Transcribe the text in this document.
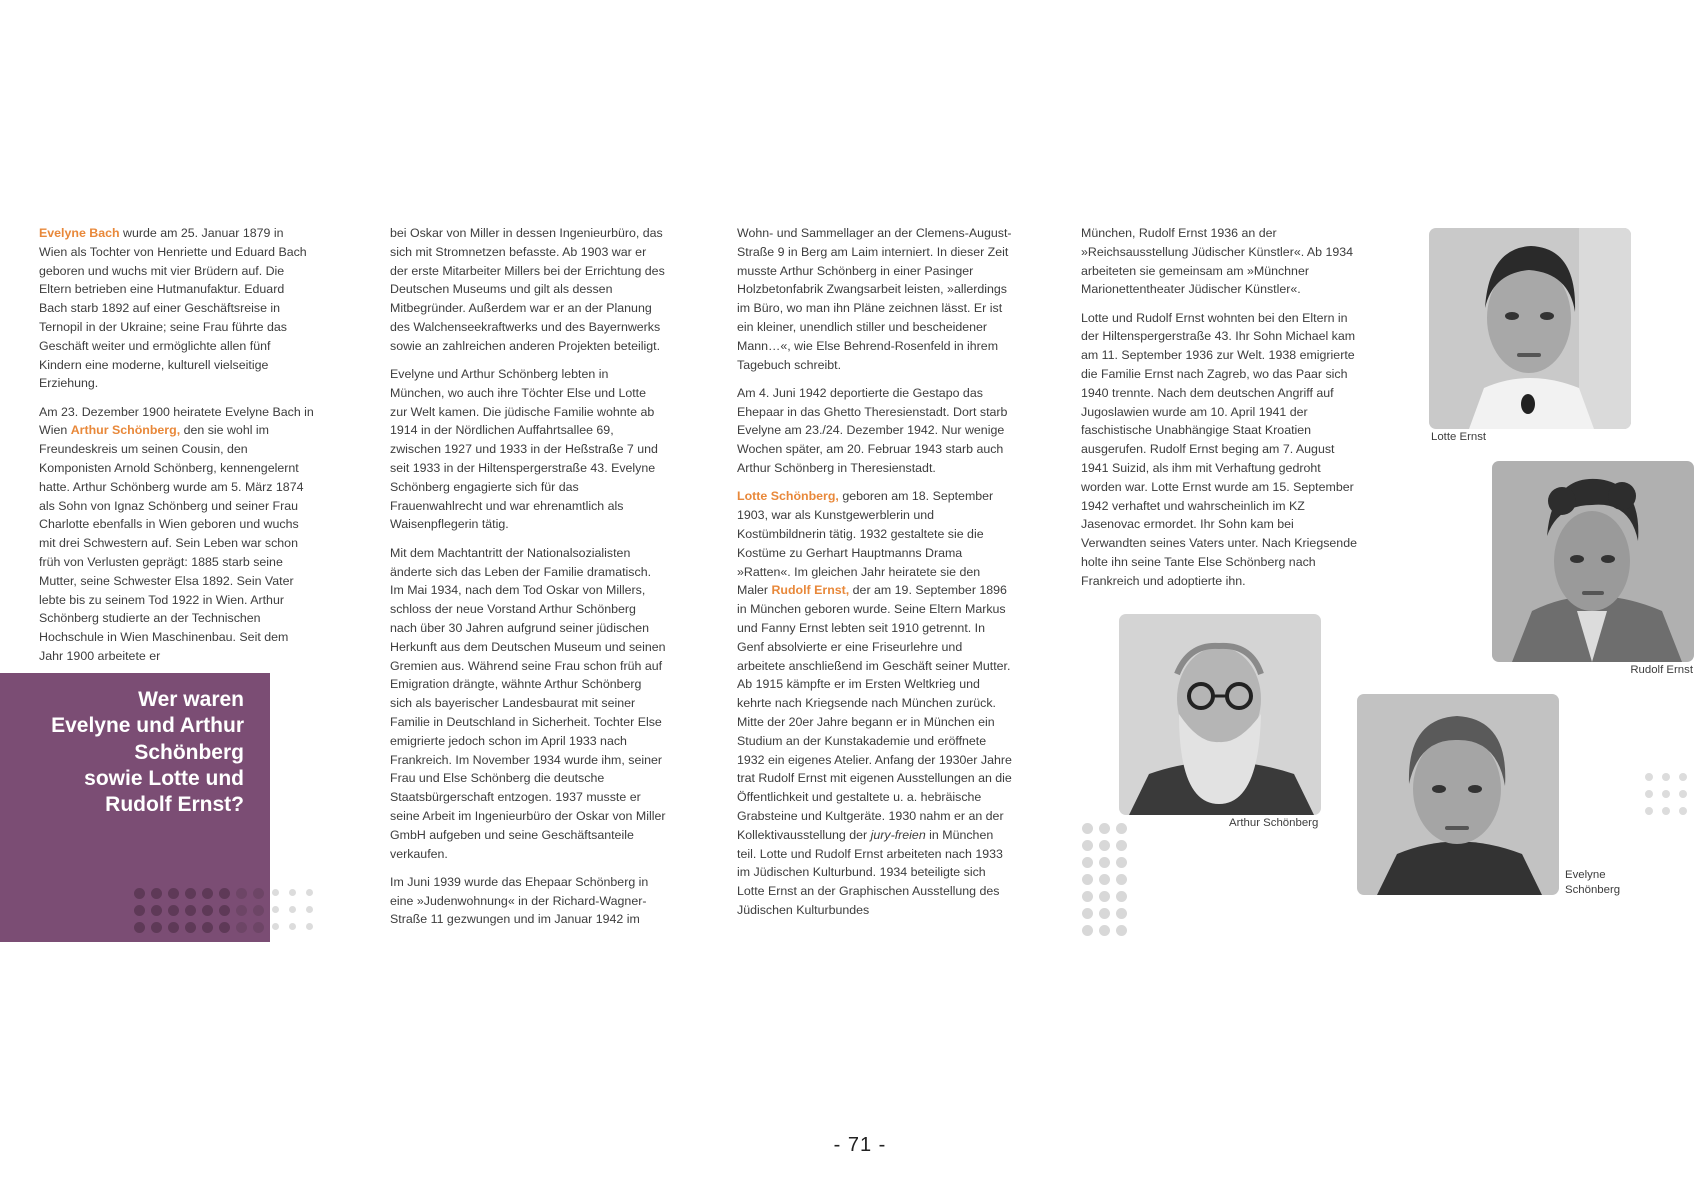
Evelyne Bach wurde am 25. Januar 1879 in Wien als Tochter von Henriette und Eduard Bach geboren und wuchs mit vier Brüdern auf. Die Eltern betrieben eine Hutmanufaktur. Eduard Bach starb 1892 auf einer Geschäftsreise in Ternopil in der Ukraine; seine Frau führte das Geschäft weiter und ermöglichte allen fünf Kindern eine moderne, kulturell vielseitige Erziehung.

Am 23. Dezember 1900 heiratete Evelyne Bach in Wien Arthur Schönberg, den sie wohl im Freundeskreis um seinen Cousin, den Komponisten Arnold Schönberg, kennengelernt hatte. Arthur Schönberg wurde am 5. März 1874 als Sohn von Ignaz Schönberg und seiner Frau Charlotte ebenfalls in Wien geboren und wuchs mit drei Schwestern auf. Sein Leben war schon früh von Verlusten geprägt: 1885 starb seine Mutter, seine Schwester Elsa 1892. Sein Vater lebte bis zu seinem Tod 1922 in Wien. Arthur Schönberg studierte an der Technischen Hochschule in Wien Maschinenbau. Seit dem Jahr 1900 arbeitete er

bei Oskar von Miller in dessen Ingenieurbüro, das sich mit Stromnetzen befasste. Ab 1903 war er der erste Mitarbeiter Millers bei der Errichtung des Deutschen Museums und gilt als dessen Mitbegründer. Außerdem war er an der Planung des Walchenseekraftwerks und des Bayernwerks sowie an zahlreichen anderen Projekten beteiligt.

Evelyne und Arthur Schönberg lebten in München, wo auch ihre Töchter Else und Lotte zur Welt kamen. Die jüdische Familie wohnte ab 1914 in der Nördlichen Auffahrtsallee 69, zwischen 1927 und 1933 in der Heßstraße 7 und seit 1933 in der Hiltenspergerstraße 43. Evelyne Schönberg engagierte sich für das Frauenwahlrecht und war ehrenamtlich als Waisenpflegerin tätig.

Mit dem Machtantritt der Nationalsozialisten änderte sich das Leben der Familie dramatisch. Im Mai 1934, nach dem Tod Oskar von Millers, schloss der neue Vorstand Arthur Schönberg nach über 30 Jahren aufgrund seiner jüdischen Herkunft aus dem Deutschen Museum und seinen Gremien aus. Während seine Frau schon früh auf Emigration drängte, wähnte Arthur Schönberg sich als bayerischer Landesbaurat mit seiner Familie in Deutschland in Sicherheit. Tochter Else emigrierte jedoch schon im April 1933 nach Frankreich. Im November 1934 wurde ihm, seiner Frau und Else Schönberg die deutsche Staatsbürgerschaft entzogen. 1937 musste er seine Arbeit im Ingenieurbüro der Oskar von Miller GmbH aufgeben und seine Geschäftsanteile verkaufen.

Im Juni 1939 wurde das Ehepaar Schönberg in eine »Judenwohnung« in der Richard-Wagner-Straße 11 gezwungen und im Januar 1942 im

Wohn- und Sammellager an der Clemens-August-Straße 9 in Berg am Laim interniert. In dieser Zeit musste Arthur Schönberg in einer Pasinger Holzbetonfabrik Zwangsarbeit leisten, »allerdings im Büro, wo man ihn Pläne zeichnen lässt. Er ist ein kleiner, unendlich stiller und bescheidener Mann…«, wie Else Behrend-Rosenfeld in ihrem Tagebuch schreibt.

Am 4. Juni 1942 deportierte die Gestapo das Ehepaar in das Ghetto Theresienstadt. Dort starb Evelyne am 23./24. Dezember 1942. Nur wenige Wochen später, am 20. Februar 1943 starb auch Arthur Schönberg in Theresienstadt.

Lotte Schönberg, geboren am 18. September 1903, war als Kunstgewerblerin und Kostümbildnerin tätig. 1932 gestaltete sie die Kostüme zu Gerhart Hauptmanns Drama »Ratten«. Im gleichen Jahr heiratete sie den Maler Rudolf Ernst, der am 19. September 1896 in München geboren wurde. Seine Eltern Markus und Fanny Ernst lebten seit 1910 getrennt. In Genf absolvierte er eine Friseurlehre und arbeitete anschließend im Geschäft seiner Mutter. Ab 1915 kämpfte er im Ersten Weltkrieg und kehrte nach Kriegsende nach München zurück. Mitte der 20er Jahre begann er in München ein Studium an der Kunstakademie und eröffnete 1932 ein eigenes Atelier. Anfang der 1930er Jahre trat Rudolf Ernst mit eigenen Ausstellungen an die Öffentlichkeit und gestaltete u. a. hebräische Grabsteine und Kultgeräte. 1930 nahm er an der Kollektivausstellung der jury-freien in München teil. Lotte und Rudolf Ernst arbeiteten nach 1933 im Jüdischen Kulturbund. 1934 beteiligte sich Lotte Ernst an der Graphischen Ausstellung des Jüdischen Kulturbundes

München, Rudolf Ernst 1936 an der »Reichsausstellung Jüdischer Künstler«. Ab 1934 arbeiteten sie gemeinsam am »Münchner Marionettentheater Jüdischer Künstler«.

Lotte und Rudolf Ernst wohnten bei den Eltern in der Hiltenspergerstraße 43. Ihr Sohn Michael kam am 11. September 1936 zur Welt. 1938 emigrierte die Familie Ernst nach Zagreb, wo das Paar sich 1940 trennte. Nach dem deutschen Angriff auf Jugoslawien wurde am 10. April 1941 der faschistische Unabhängige Staat Kroatien ausgerufen. Rudolf Ernst beging am 7. August 1941 Suizid, als ihm mit Verhaftung gedroht worden war. Lotte Ernst wurde am 15. September 1942 verhaftet und wahrscheinlich im KZ Jasenovac ermordet. Ihr Sohn kam bei Verwandten seines Vaters unter. Nach Kriegsende holte ihn seine Tante Else Schönberg nach Frankreich und adoptierte ihn.

Wer waren
Evelyne und Arthur
Schönberg
sowie Lotte und
Rudolf Ernst?
Lotte Ernst
Rudolf Ernst
Arthur Schönberg
Evelyne
Schönberg
- 71 -
